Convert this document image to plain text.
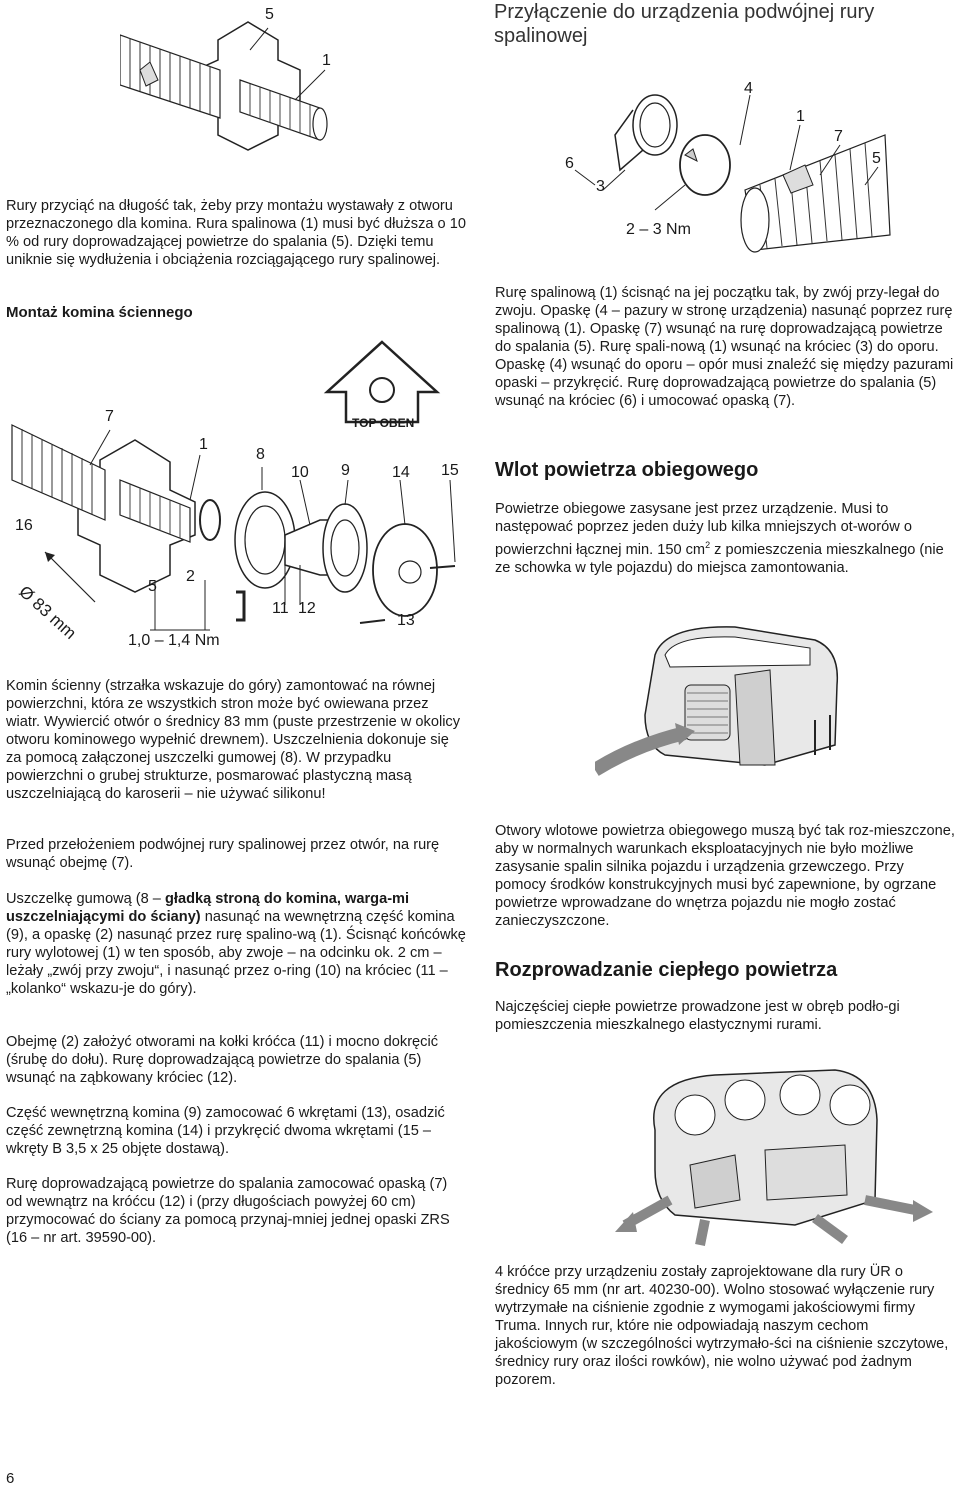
Przyłączenie do urządzenia podwójnej rury spalinowej
5
1

Rury przyciąć na długość tak, żeby przy montażu wystawały z otworu przeznaczonego dla komina. Rura spalinowa (1) musi być dłuższa o 10 % od rury doprowadzającej powietrze do spalania (5). Dzięki temu uniknie się wydłużenia i obciążenia rozciągającego rury spalinowej.

Montaż komina ściennego
7
1
8
10 9	14 15
TOP OBEN
16
5
2
11 12
13
Ø 83 mm	1,0 – 1,4 Nm

Komin ścienny (strzałka wskazuje do góry) zamontować na równej powierzchni, która ze wszystkich stron może być owiewana przez wiatr. Wywiercić otwór o średnicy 83 mm (puste przestrzenie w okolicy otworu kominowego wypełnić drewnem). Uszczelnienia dokonuje się za pomocą załączonej uszczelki gumowej (8). W przypadku powierzchni o grubej strukturze, posmarować plastyczną masą uszczelniającą do karoserii – nie używać silikonu!

Przed przełożeniem podwójnej rury spalinowej przez otwór, na rurę wsunąć obejmę (7).

Uszczelkę gumową (8 – gładką stroną do komina, warga-mi uszczelniającymi do ściany) nasunąć na wewnętrzną część komina (9), a opaskę (2) nasunąć przez rurę spalino-wą (1). Ścisnąć końcówkę rury wylotowej (1) w ten sposób, aby zwoje – na odcinku ok. 2 cm – leżały „zwój przy zwoju“, i nasunąć przez o-ring (10) na króciec (11 – „kolanko“ wskazu-je do góry).

Obejmę (2) założyć otworami na kołki króćca (11) i mocno dokręcić (śrubę do dołu). Rurę doprowadzającą powietrze do spalania (5) wsunąć na ząbkowany króciec (12).

Część wewnętrzną komina (9) zamocować 6 wkrętami (13), osadzić część zewnętrzną komina (14) i przykręcić dwoma wkrętami (15 – wkręty B 3,5 x 25 objęte dostawą).

Rurę doprowadzającą powietrze do spalania zamocować opaską (7) od wewnątrz na króćcu (12) i (przy długościach powyżej 60 cm) przymocować do ściany za pomocą przynaj-mniej jednej opaski ZRS (16 – nr art. 39590-00).

4
1
7
5
6
3
2 – 3 Nm

Rurę spalinową (1) ścisnąć na jej początku tak, by zwój przy-legał do zwoju. Opaskę (4 – pazury w stronę urządzenia) nasunąć poprzez rurę spalinową (1). Opaskę (7) wsunąć na rurę doprowadzającą powietrze do spalania (5). Rurę spali-nową (1) wsunąć na króciec (3) do oporu. Opaskę (4) wsunąć do oporu – opór musi znaleźć się między pazurami opaski – przykręcić. Rurę doprowadzającą powietrze do spalania (5) wsunąć na króciec (6) i umocować opaską (7).

Wlot powietrza obiegowego

Powietrze obiegowe zasysane jest przez urządzenie. Musi to następować poprzez jeden duży lub kilka mniejszych ot-worów o powierzchni łącznej min. 150 $cm^2$ z pomieszczenia mieszkalnego (nie ze schowka w tyle pojazdu) do miejsca zamontowania.

Otwory wlotowe powietrza obiegowego muszą być tak roz-mieszczone, aby w normalnych warunkach eksploatacyjnych nie było możliwe zasysanie spalin silnika pojazdu i urządzenia grzewczego. Przy pomocy środków konstrukcyjnych musi być zapewnione, by ogrzane powietrze wprowadzane do wnętrza pojazdu nie mogło zostać zanieczyszczone.

Rozprowadzanie ciepłego powietrza

Najczęściej ciepłe powietrze prowadzone jest w obręb podło-gi pomieszczenia mieszkalnego elastycznymi rurami.

4 króćce przy urządzeniu zostały zaprojektowane dla rury ÜR o średnicy 65 mm (nr art. 40230-00). Wolno stosować wyłączenie rury wytrzymałe na ciśnienie zgodnie z wymogami jakościowymi firmy Truma. Innych rur, które nie odpowiadają naszym cechom jakościowym (w szczególności wytrzymało-ści na ciśnienie szczytowe, średnicy rury oraz ilości rowków), nie wolno używać pod żadnym pozorem.

6
